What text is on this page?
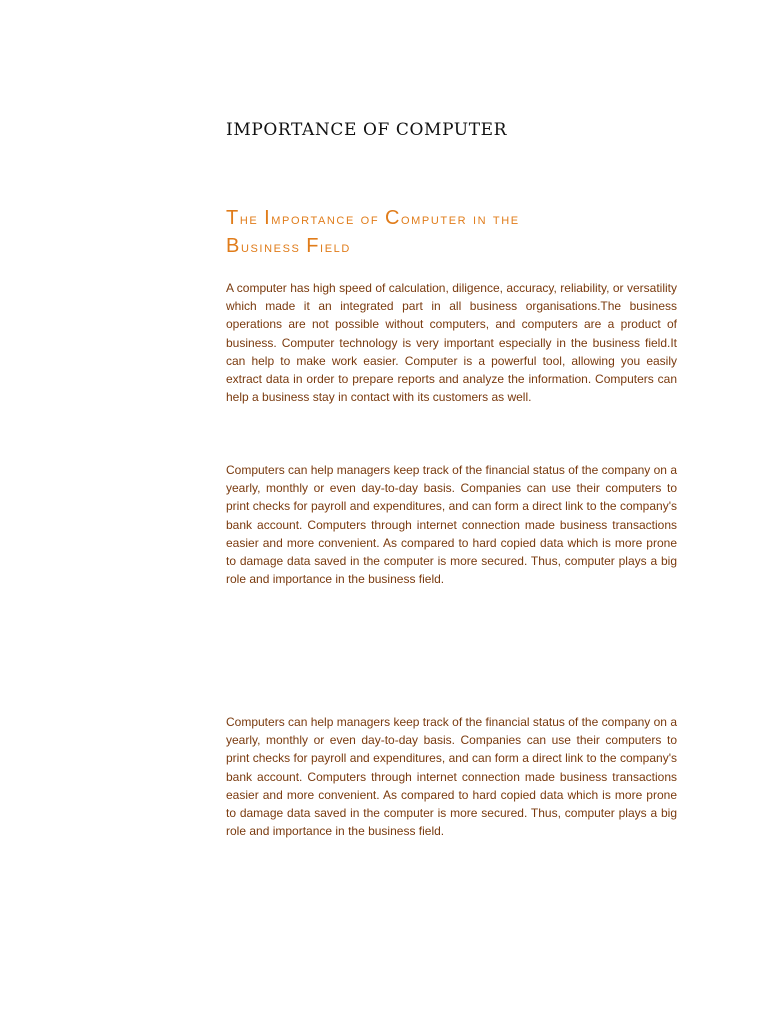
IMPORTANCE OF COMPUTER
The Importance of Computer in the
Business Field

A computer has high speed of calculation, diligence, accuracy, reliability, or versatility which made it an integrated part in all business organisations.The business operations are not possible without computers, and computers are a product of business. Computer technology is very important especially in the business field.It can help to make work easier. Computer is a powerful tool, allowing you easily extract data in order to prepare reports and analyze the information. Computers can help a business stay in contact with its customers as well.

Computers can help managers keep track of the financial status of the company on a yearly, monthly or even day-to-day basis. Companies can use their computers to print checks for payroll and expenditures, and can form a direct link to the company's bank account. Computers through internet connection made business transactions easier and more convenient. As compared to hard copied data which is more prone to damage data saved in the computer is more secured. Thus, computer plays a big role and importance in the business field.

Computers can help managers keep track of the financial status of the company on a yearly, monthly or even day-to-day basis. Companies can use their computers to print checks for payroll and expenditures, and can form a direct link to the company's bank account. Computers through internet connection made business transactions easier and more convenient. As compared to hard copied data which is more prone to damage data saved in the computer is more secured. Thus, computer plays a big role and importance in the business field.
